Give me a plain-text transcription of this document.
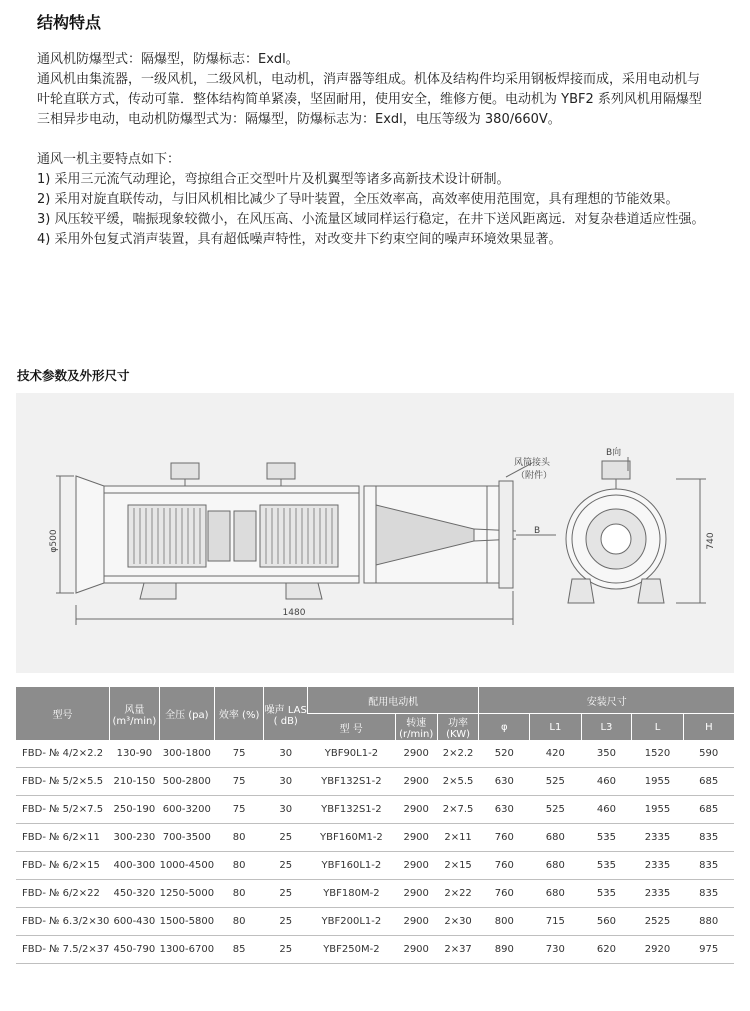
结构特点

通风机防爆型式：隔爆型，防爆标志：Exdl。

通风机由集流器，一级风机，二级风机，电动机，消声器等组成。机体及结构件均采用钢板焊接而成，采用电动机与叶轮直联方式，传动可靠．整体结构简单紧凑，坚固耐用，使用安全，维修方便。电动机为 YBF2 系列风机用隔爆型三相异步电动，电动机防爆型式为：隔爆型，防爆标志为：Exdl，电压等级为 380/660V。

通风一机主要特点如下：

1) 采用三元流气动理论，弯掠组合正交型叶片及机翼型等诸多高新技术设计研制。

2) 采用对旋直联传动，与旧风机相比减少了导叶装置，全压效率高，高效率使用范围宽，具有理想的节能效果。

3) 风压较平缓，喘振现象较微小，在风压高、小流量区域同样运行稳定，在井下送风距离远．对复杂巷道适应性强。

4) 采用外包复式消声装置，具有超低噪声特性，对改变井下约束空间的噪声环境效果显著。

技术参数及外形尺寸
φ500
1480
740
风筒接头
（附件）
B
B向
型号	风量
(m³/min)	全压 (pa)	效率 (%)	噪声 LAS
( dB)	配用电动机			安装尺寸				
					型 号	转速
(r/min)	功率
(KW)	φ	L1	L3	L	H
FBD- № 4/2×2.2	130-90	300-1800	75	30	YBF90L1-2	2900	2×2.2	520	420	350	1520	590
FBD- № 5/2×5.5	210-150	500-2800	75	30	YBF132S1-2	2900	2×5.5	630	525	460	1955	685
FBD- № 5/2×7.5	250-190	600-3200	75	30	YBF132S1-2	2900	2×7.5	630	525	460	1955	685
FBD- № 6/2×11	300-230	700-3500	80	25	YBF160M1-2	2900	2×11	760	680	535	2335	835
FBD- № 6/2×15	400-300	1000-4500	80	25	YBF160L1-2	2900	2×15	760	680	535	2335	835
FBD- № 6/2×22	450-320	1250-5000	80	25	YBF180M-2	2900	2×22	760	680	535	2335	835
FBD- № 6.3/2×30	600-430	1500-5800	80	25	YBF200L1-2	2900	2×30	800	715	560	2525	880
FBD- № 7.5/2×37	450-790	1300-6700	85	25	YBF250M-2	2900	2×37	890	730	620	2920	975
